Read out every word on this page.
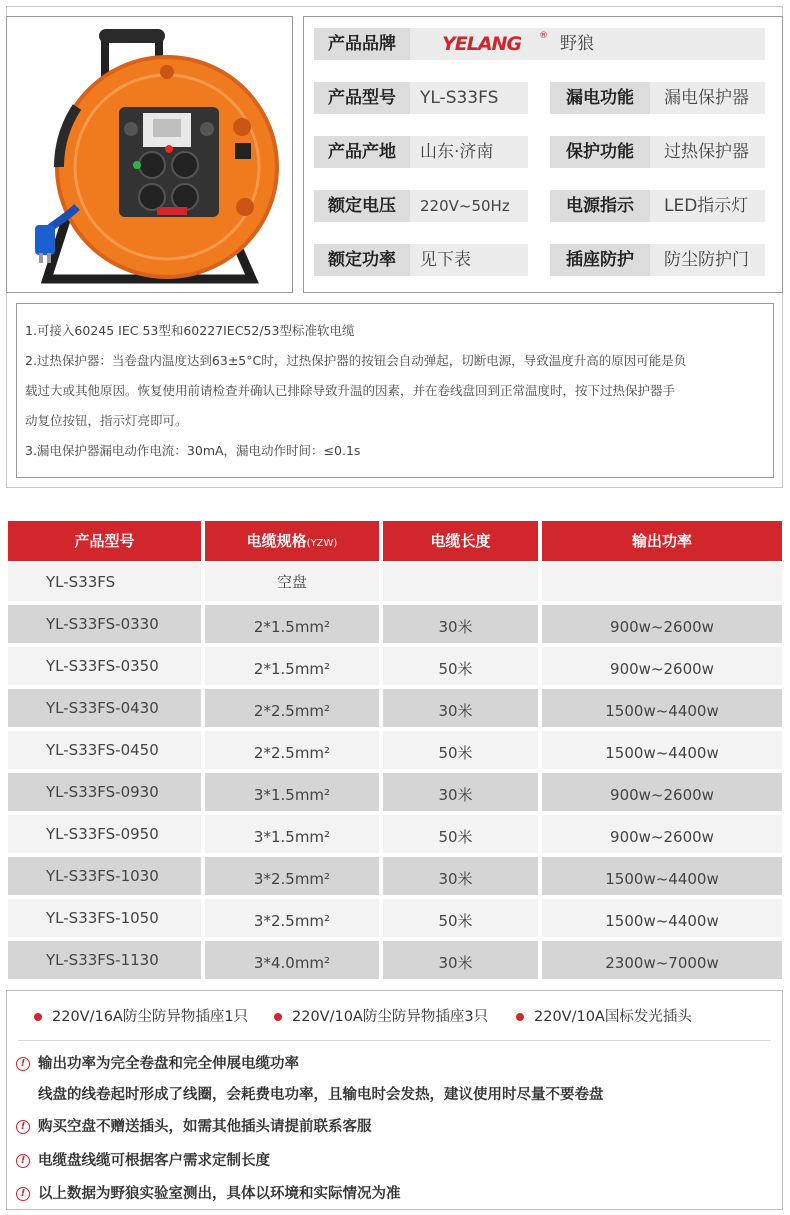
产品品牌	YELANG ® 野狼
产品型号	YL-S33FS	漏电功能	漏电保护器
产品产地	山东·济南	保护功能	过热保护器
额定电压	220V~50Hz	电源指示	LED指示灯
额定功率	见下表	插座防护	防尘防护门
1.可接入60245 IEC 53型和60227IEC52/53型标准软电缆
2.过热保护器：当卷盘内温度达到63±5°C时，过热保护器的按钮会自动弹起，切断电源，导致温度升高的原因可能是负
载过大或其他原因。恢复使用前请检查并确认已排除导致升温的因素，并在卷线盘回到正常温度时，按下过热保护器手
动复位按钮，指示灯亮即可。
3.漏电保护器漏电动作电流：30mA，漏电动作时间：≤0.1s
产品型号	电缆规格(YZW)	电缆长度	输出功率
YL-S33FS	空盘
YL-S33FS-0330	2*1.5mm²	30米	900w~2600w
YL-S33FS-0350	2*1.5mm²	50米	900w~2600w
YL-S33FS-0430	2*2.5mm²	30米	1500w~4400w
YL-S33FS-0450	2*2.5mm²	50米	1500w~4400w
YL-S33FS-0930	3*1.5mm²	30米	900w~2600w
YL-S33FS-0950	3*1.5mm²	50米	900w~2600w
YL-S33FS-1030	3*2.5mm²	30米	1500w~4400w
YL-S33FS-1050	3*2.5mm²	50米	1500w~4400w
YL-S33FS-1130	3*4.0mm²	30米	2300w~7000w
220V/16A防尘防异物插座1只	220V/10A防尘防异物插座3只	220V/10A国标发光插头
! 输出功率为完全卷盘和完全伸展电缆功率
线盘的线卷起时形成了线圈，会耗费电功率，且输电时会发热，建议使用时尽量不要卷盘
! 购买空盘不赠送插头，如需其他插头请提前联系客服
! 电缆盘线缆可根据客户需求定制长度
! 以上数据为野狼实验室测出，具体以环境和实际情况为准
